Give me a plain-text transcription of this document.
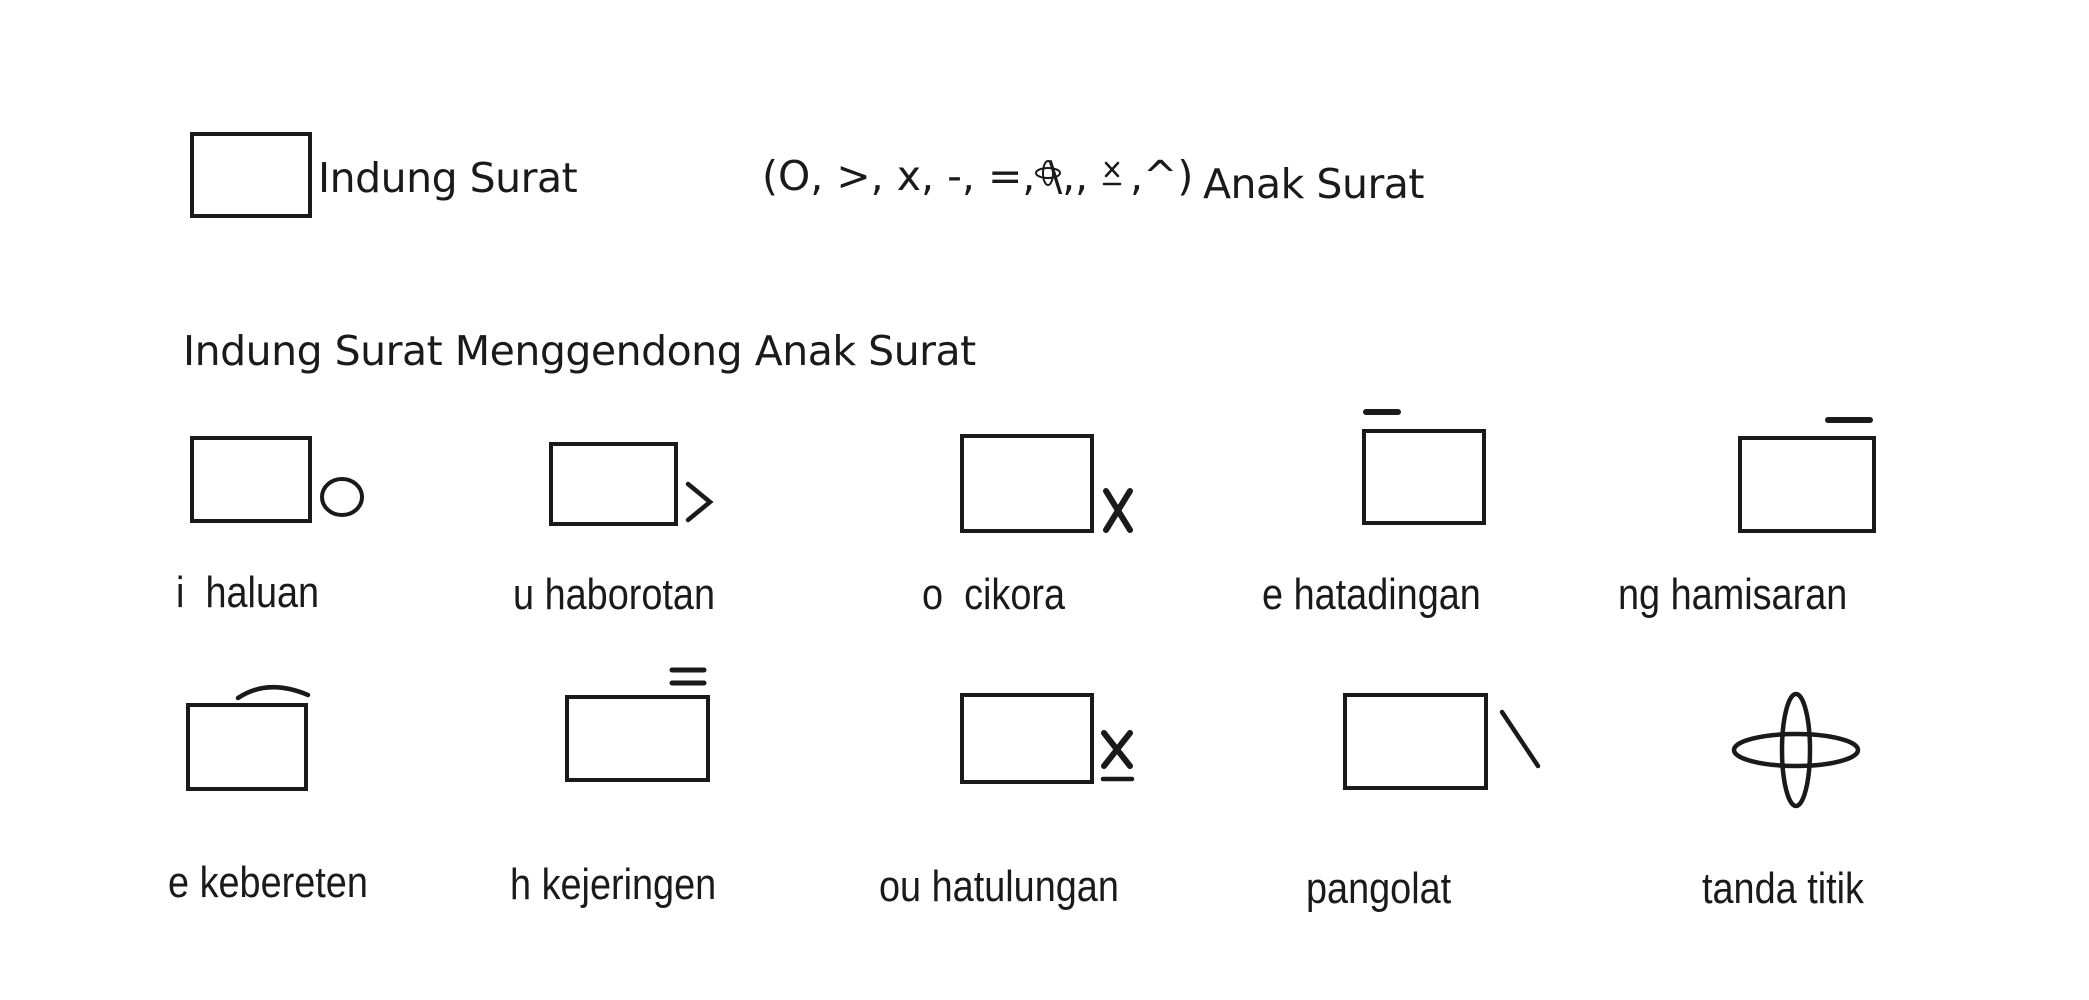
Indung Surat	(O, >, x, -, =, \, , ,^) Anak Surat
Indung Surat Menggendong Anak Surat
i haluan	u haborotan	o cikora	e hatadingan	ng hamisaran
e kebereten	h kejeringen	ou hatulungan	pangolat	tanda titik
